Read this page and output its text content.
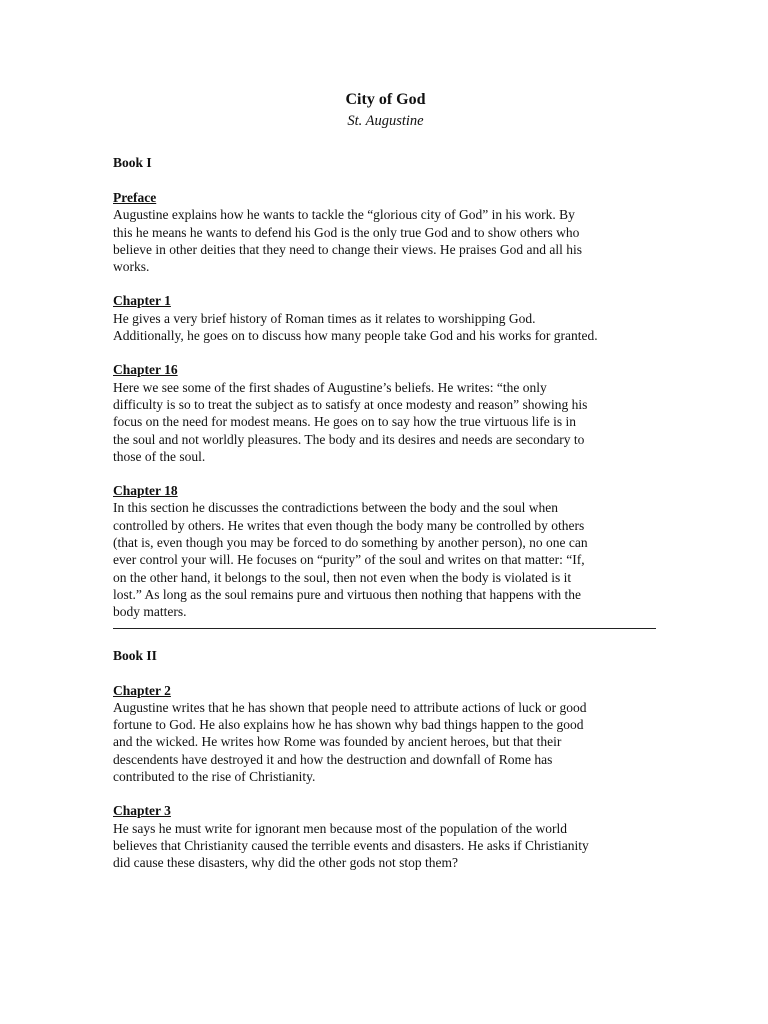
City of God

St. Augustine

Book I
Preface

Augustine explains how he wants to tackle the “glorious city of God” in his work. By
this he means he wants to defend his God is the only true God and to show others who
believe in other deities that they need to change their views. He praises God and all his
works.

Chapter 1

He gives a very brief history of Roman times as it relates to worshipping God.
Additionally, he goes on to discuss how many people take God and his works for granted.

Chapter 16

Here we see some of the first shades of Augustine’s beliefs. He writes: “the only
difficulty is so to treat the subject as to satisfy at once modesty and reason” showing his
focus on the need for modest means. He goes on to say how the true virtuous life is in
the soul and not worldly pleasures. The body and its desires and needs are secondary to
those of the soul.

Chapter 18

In this section he discusses the contradictions between the body and the soul when
controlled by others. He writes that even though the body many be controlled by others
(that is, even though you may be forced to do something by another person), no one can
ever control your will. He focuses on “purity” of the soul and writes on that matter: “If,
on the other hand, it belongs to the soul, then not even when the body is violated is it
lost.” As long as the soul remains pure and virtuous then nothing that happens with the
body matters.

Book II
Chapter 2

Augustine writes that he has shown that people need to attribute actions of luck or good
fortune to God. He also explains how he has shown why bad things happen to the good
and the wicked. He writes how Rome was founded by ancient heroes, but that their
descendents have destroyed it and how the destruction and downfall of Rome has
contributed to the rise of Christianity.

Chapter 3

He says he must write for ignorant men because most of the population of the world
believes that Christianity caused the terrible events and disasters. He asks if Christianity
did cause these disasters, why did the other gods not stop them?
